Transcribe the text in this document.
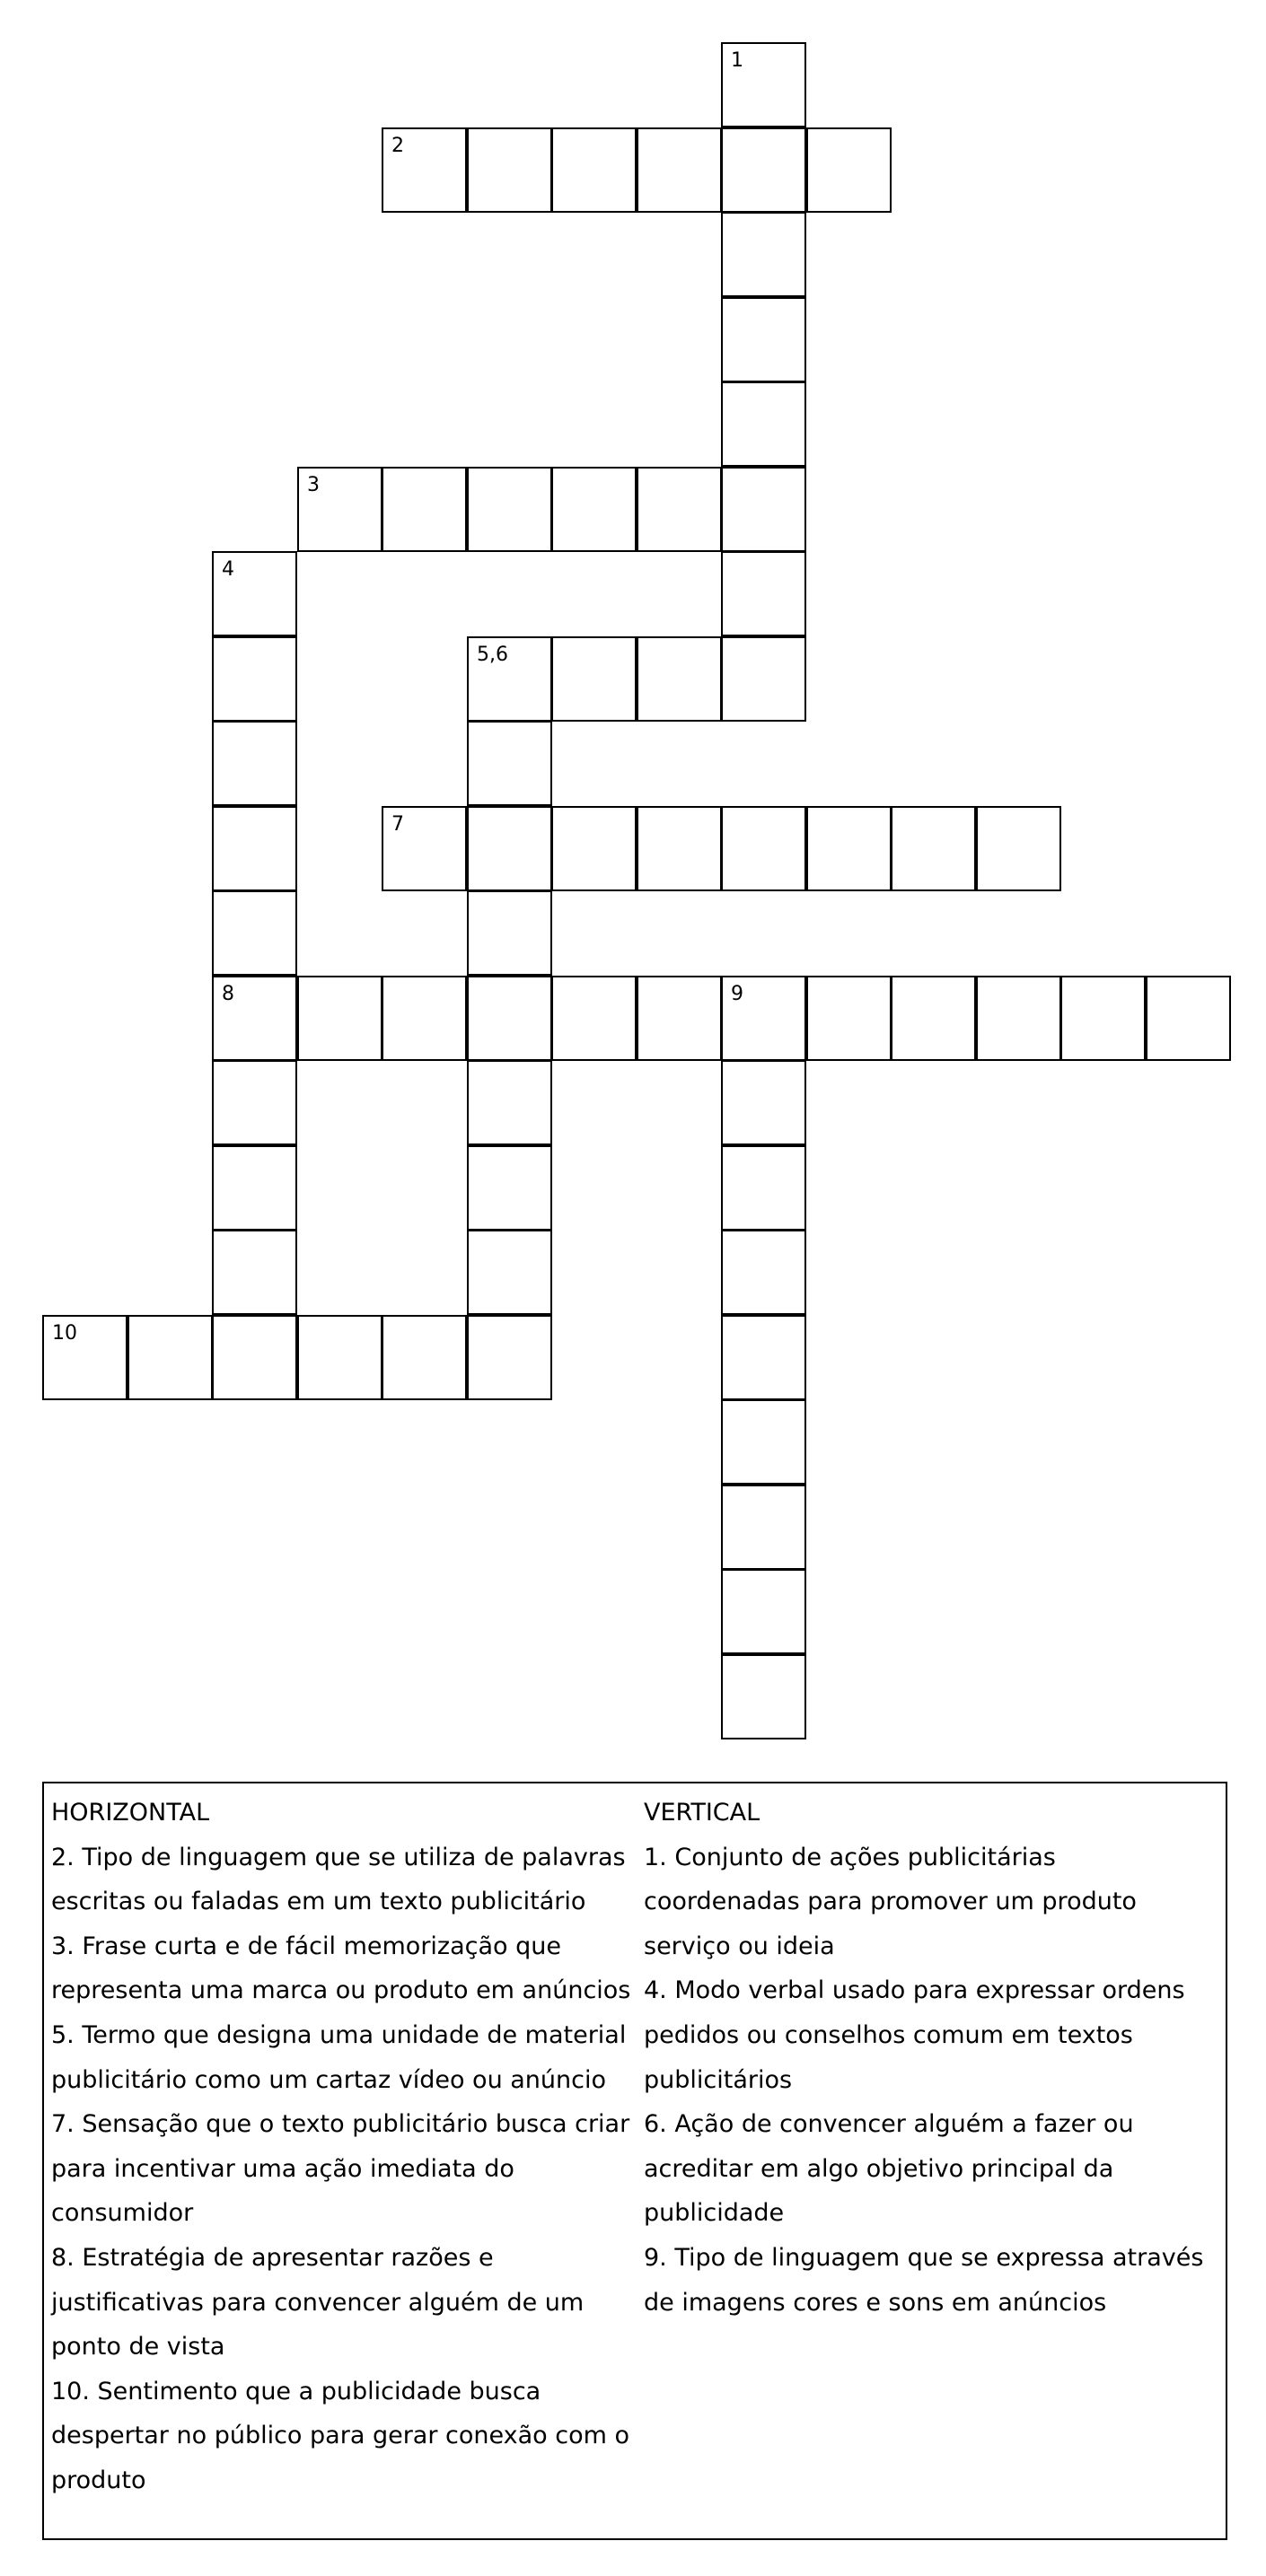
1
2
3
4
5,6
7
8	9
10
HORIZONTAL
2. Tipo de linguagem que se utiliza de palavras escritas ou faladas em um texto publicitário
3. Frase curta e de fácil memorização que representa uma marca ou produto em anúncios
5. Termo que designa uma unidade de material publicitário como um cartaz vídeo ou anúncio
7. Sensação que o texto publicitário busca criar para incentivar uma ação imediata do consumidor
8. Estratégia de apresentar razões e justificativas para convencer alguém de um ponto de vista
10. Sentimento que a publicidade busca despertar no público para gerar conexão com o produto
VERTICAL
1. Conjunto de ações publicitárias coordenadas para promover um produto serviço ou ideia
4. Modo verbal usado para expressar ordens pedidos ou conselhos comum em textos publicitários
6. Ação de convencer alguém a fazer ou acreditar em algo objetivo principal da publicidade
9. Tipo de linguagem que se expressa através de imagens cores e sons em anúncios
